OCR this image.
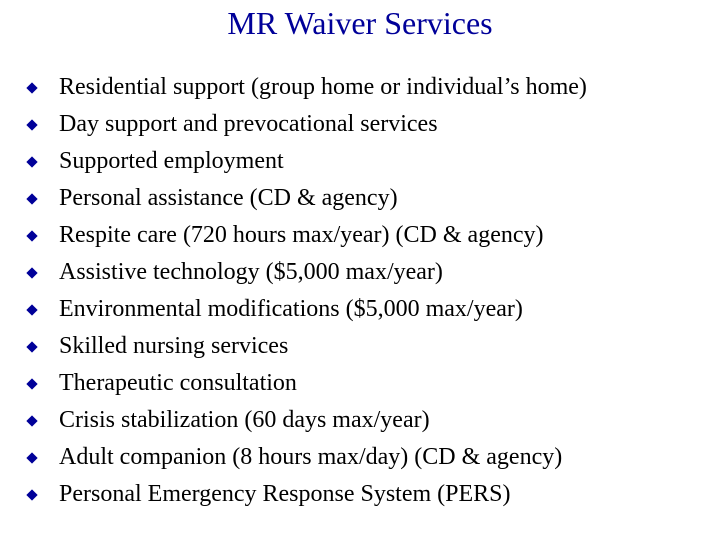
MR Waiver Services
Residential support (group home or individual’s home)
Day support and prevocational services
Supported employment
Personal assistance (CD & agency)
Respite care (720 hours max/year) (CD & agency)
Assistive technology ($5,000 max/year)
Environmental modifications ($5,000 max/year)
Skilled nursing services
Therapeutic consultation
Crisis stabilization (60 days max/year)
Adult companion (8 hours max/day) (CD & agency)
Personal Emergency Response System (PERS)
